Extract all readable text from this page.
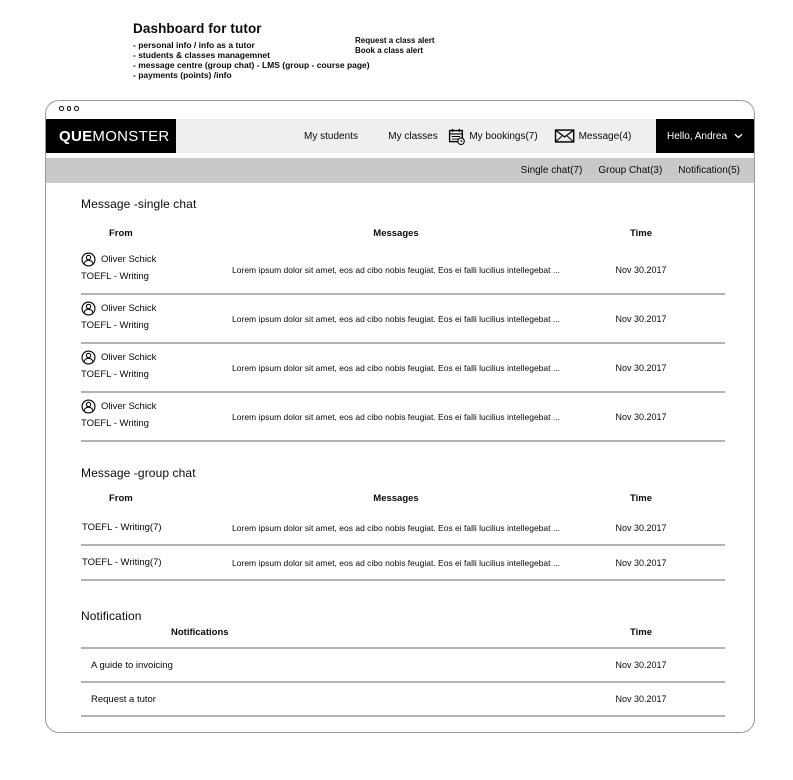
Dashboard for tutor
- personal info / info as a tutor
- students & classes managemnet
- message centre (group chat) - LMS (group - course page)
- payments (points) /info
Request a class alert
Book a class alert
QUEMONSTER	My students	My classes	My bookings(7)	Message(4)	Hello, Andrea
Single chat(7) Group Chat(3) Notification(5)
Message -single chat
From	Messages	Time
Oliver Schick
TOEFL - Writing
Lorem ipsum dolor sit amet, eos ad cibo nobis feugiat. Eos ei falli lucilius intellegebat ...	Nov 30.2017
Oliver Schick
TOEFL - Writing
Lorem ipsum dolor sit amet, eos ad cibo nobis feugiat. Eos ei falli lucilius intellegebat ...	Nov 30.2017
Oliver Schick
TOEFL - Writing
Lorem ipsum dolor sit amet, eos ad cibo nobis feugiat. Eos ei falli lucilius intellegebat ...	Nov 30.2017
Oliver Schick
TOEFL - Writing
Lorem ipsum dolor sit amet, eos ad cibo nobis feugiat. Eos ei falli lucilius intellegebat ...	Nov 30.2017
Message -group chat
From	Messages	Time
TOEFL - Writing(7)	Lorem ipsum dolor sit amet, eos ad cibo nobis feugiat. Eos ei falli lucilius intellegebat ...	Nov 30.2017
TOEFL - Writing(7)	Lorem ipsum dolor sit amet, eos ad cibo nobis feugiat. Eos ei falli lucilius intellegebat ...	Nov 30.2017
Notification
Notifications	Time
A guide to invoicing	Nov 30.2017
Request a tutor	Nov 30.2017
